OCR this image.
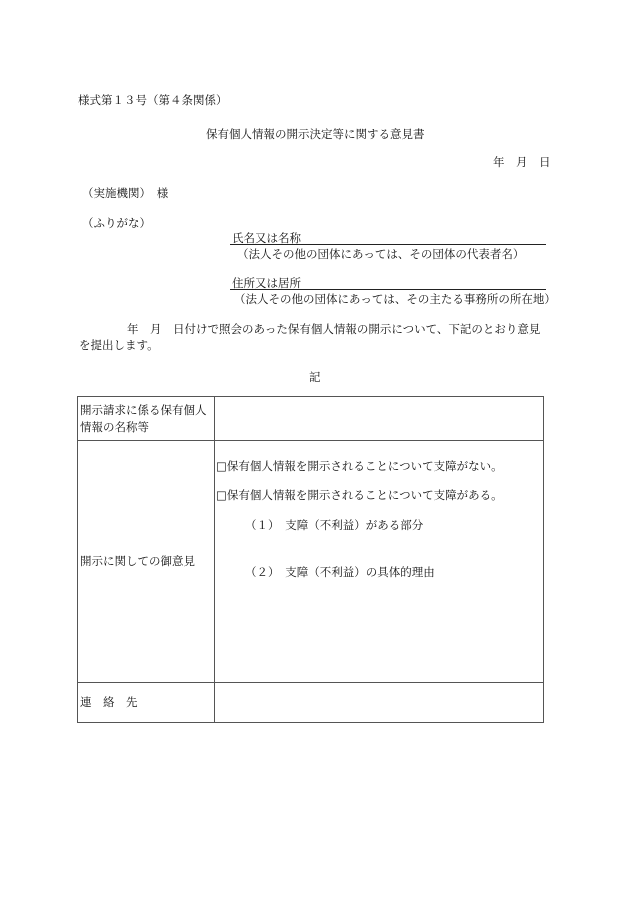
様式第１３号（第４条関係）
保有個人情報の開示決定等に関する意見書
年　月　日
（実施機関）　様
（ふりがな）
氏名又は名称
（法人その他の団体にあっては、その団体の代表者名）
住所又は居所
（法人その他の団体にあっては、その主たる事務所の所在地）
年　月　日付けで照会のあった保有個人情報の開示について、下記のとおり意見
を提出します。
記
開示請求に係る保有個人
情報の名称等	

開示に関しての御意見	□保有個人情報を開示されることについて支障がない。
□保有個人情報を開示されることについて支障がある。
（１）　支障（不利益）がある部分
（２）　支障（不利益）の具体的理由

連　絡　先	
